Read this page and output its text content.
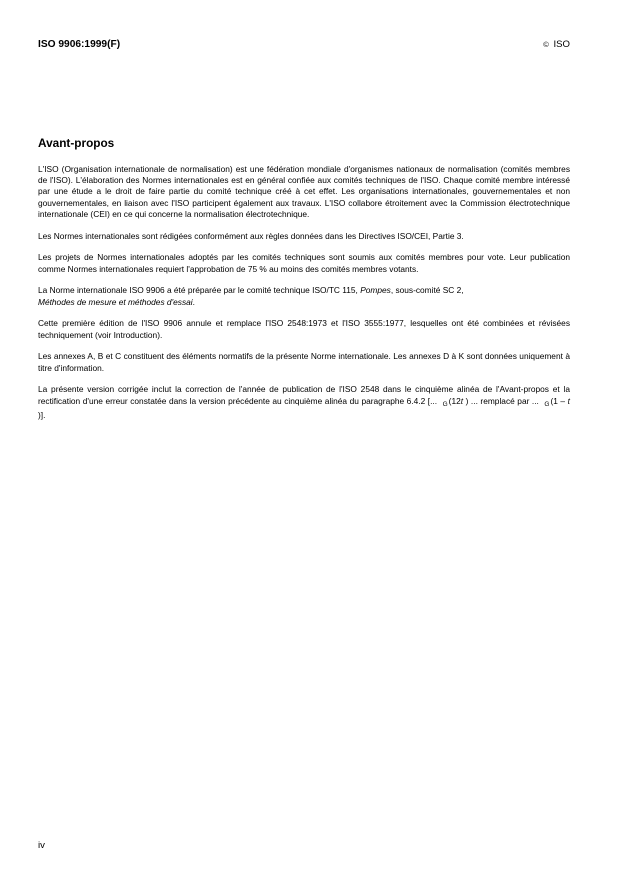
ISO 9906:1999(F)	© ISO
Avant-propos

L'ISO (Organisation internationale de normalisation) est une fédération mondiale d'organismes nationaux de normalisation (comités membres de l'ISO). L'élaboration des Normes internationales est en général confiée aux comités techniques de l'ISO. Chaque comité membre intéressé par une étude a le droit de faire partie du comité technique créé à cet effet. Les organisations internationales, gouvernementales et non gouvernementales, en liaison avec l'ISO participent également aux travaux. L'ISO collabore étroitement avec la Commission électrotechnique internationale (CEI) en ce qui concerne la normalisation électrotechnique.

Les Normes internationales sont rédigées conformément aux règles données dans les Directives ISO/CEI, Partie 3.

Les projets de Normes internationales adoptés par les comités techniques sont soumis aux comités membres pour vote. Leur publication comme Normes internationales requiert l'approbation de 75 % au moins des comités membres votants.

La Norme internationale ISO 9906 a été préparée par le comité technique ISO/TC 115, Pompes, sous-comité SC 2,
Méthodes de mesure et méthodes d'essai.

Cette première édition de l'ISO 9906 annule et remplace l'ISO 2548:1973 et l'ISO 3555:1977, lesquelles ont été combinées et révisées techniquement (voir Introduction).

Les annexes A, B et C constituent des éléments normatifs de la présente Norme internationale. Les annexes D à K sont données uniquement à titre d'information.

La présente version corrigée inclut la correction de l'année de publication de l'ISO 2548 dans le cinquième alinéa de l'Avant-propos et la rectification d'une erreur constatée dans la version précédente au cinquième alinéa du paragraphe 6.4.2 [... $_G$(12t ) ... remplacé par ... $_G$(1 – t )].

iv
